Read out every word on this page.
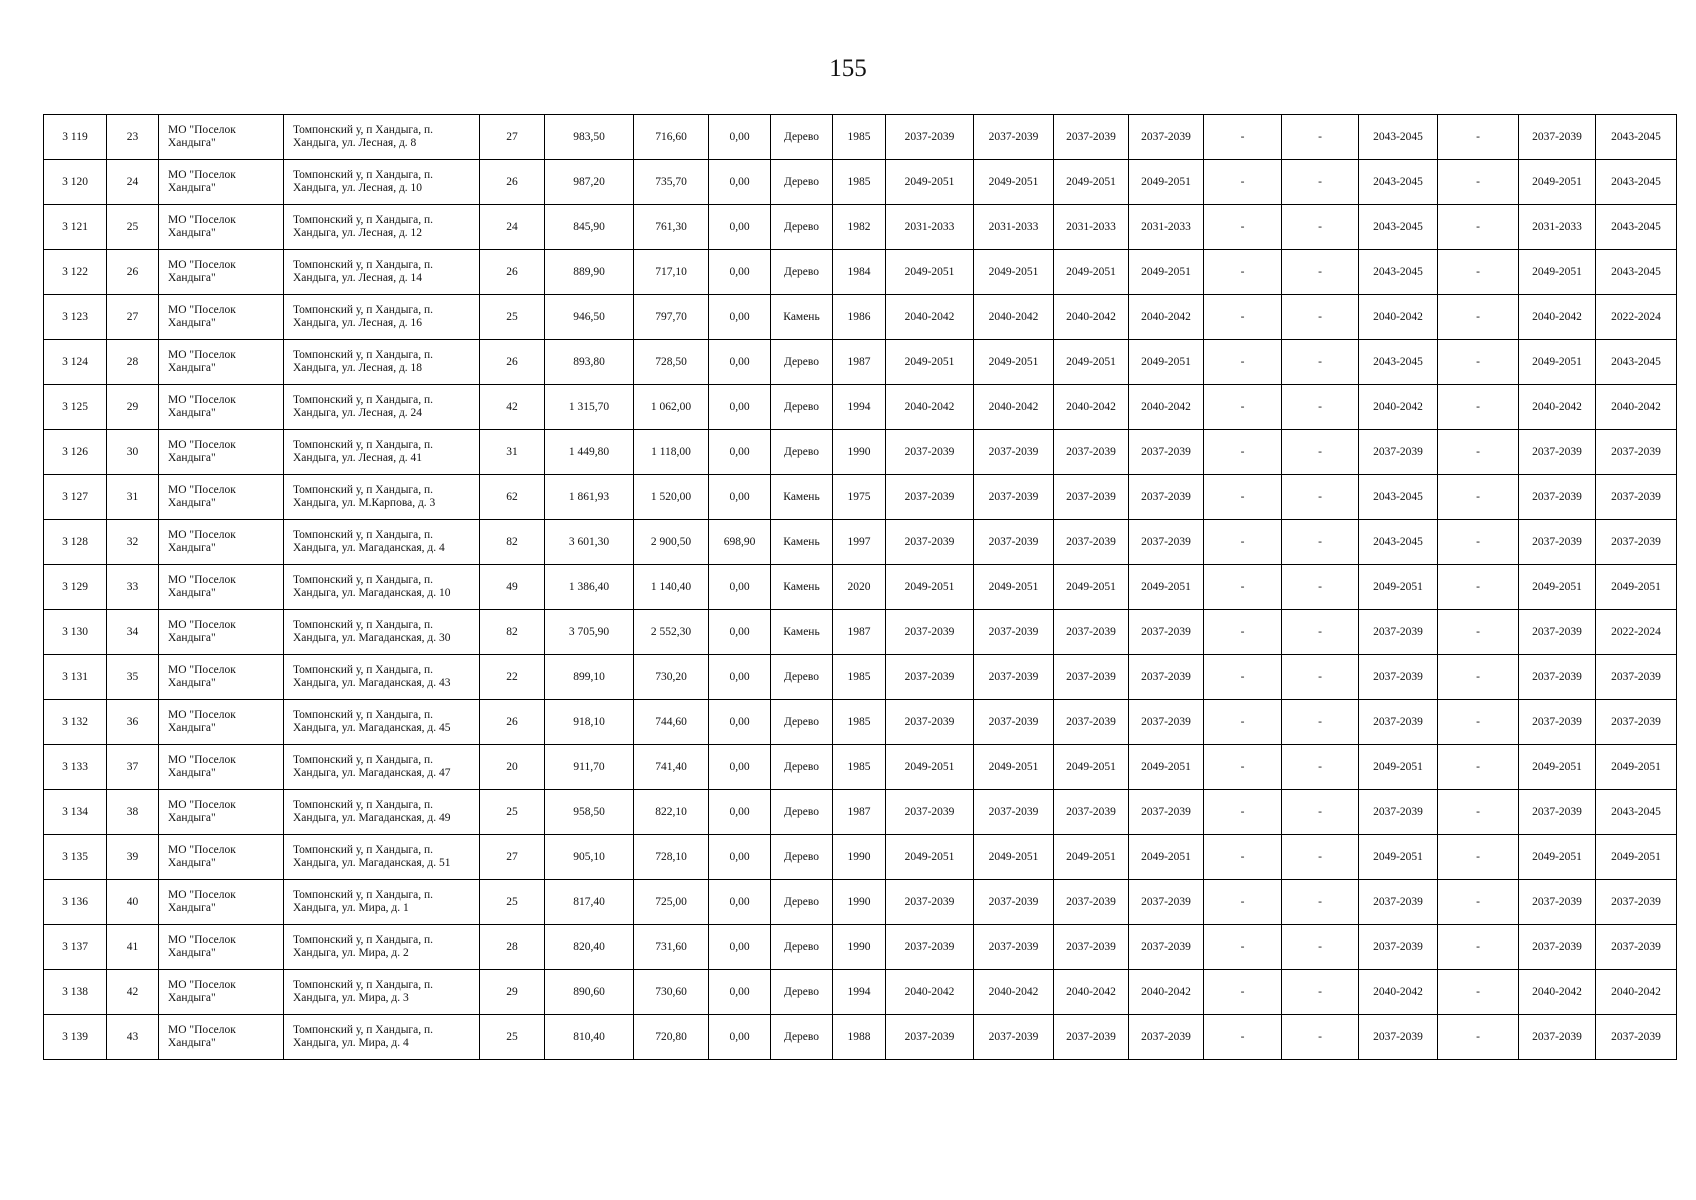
155
3 119	23	МО "Поселок Хандыга"	Томпонский у, п Хандыга, п. Хандыга, ул. Лесная, д. 8	27	983,50	716,60	0,00	Дерево	1985	2037-2039	2037-2039	2037-2039	2037-2039	-	-	2043-2045	-	2037-2039	2043-2045
3 120	24	МО "Поселок Хандыга"	Томпонский у, п Хандыга, п. Хандыга, ул. Лесная, д. 10	26	987,20	735,70	0,00	Дерево	1985	2049-2051	2049-2051	2049-2051	2049-2051	-	-	2043-2045	-	2049-2051	2043-2045
3 121	25	МО "Поселок Хандыга"	Томпонский у, п Хандыга, п. Хандыга, ул. Лесная, д. 12	24	845,90	761,30	0,00	Дерево	1982	2031-2033	2031-2033	2031-2033	2031-2033	-	-	2043-2045	-	2031-2033	2043-2045
3 122	26	МО "Поселок Хандыга"	Томпонский у, п Хандыга, п. Хандыга, ул. Лесная, д. 14	26	889,90	717,10	0,00	Дерево	1984	2049-2051	2049-2051	2049-2051	2049-2051	-	-	2043-2045	-	2049-2051	2043-2045
3 123	27	МО "Поселок Хандыга"	Томпонский у, п Хандыга, п. Хандыга, ул. Лесная, д. 16	25	946,50	797,70	0,00	Камень	1986	2040-2042	2040-2042	2040-2042	2040-2042	-	-	2040-2042	-	2040-2042	2022-2024
3 124	28	МО "Поселок Хандыга"	Томпонский у, п Хандыга, п. Хандыга, ул. Лесная, д. 18	26	893,80	728,50	0,00	Дерево	1987	2049-2051	2049-2051	2049-2051	2049-2051	-	-	2043-2045	-	2049-2051	2043-2045
3 125	29	МО "Поселок Хандыга"	Томпонский у, п Хандыга, п. Хандыга, ул. Лесная, д. 24	42	1 315,70	1 062,00	0,00	Дерево	1994	2040-2042	2040-2042	2040-2042	2040-2042	-	-	2040-2042	-	2040-2042	2040-2042
3 126	30	МО "Поселок Хандыга"	Томпонский у, п Хандыга, п. Хандыга, ул. Лесная, д. 41	31	1 449,80	1 118,00	0,00	Дерево	1990	2037-2039	2037-2039	2037-2039	2037-2039	-	-	2037-2039	-	2037-2039	2037-2039
3 127	31	МО "Поселок Хандыга"	Томпонский у, п Хандыга, п. Хандыга, ул. М.Карпова, д. 3	62	1 861,93	1 520,00	0,00	Камень	1975	2037-2039	2037-2039	2037-2039	2037-2039	-	-	2043-2045	-	2037-2039	2037-2039
3 128	32	МО "Поселок Хандыга"	Томпонский у, п Хандыга, п. Хандыга, ул. Магаданская, д. 4	82	3 601,30	2 900,50	698,90	Камень	1997	2037-2039	2037-2039	2037-2039	2037-2039	-	-	2043-2045	-	2037-2039	2037-2039
3 129	33	МО "Поселок Хандыга"	Томпонский у, п Хандыга, п. Хандыга, ул. Магаданская, д. 10	49	1 386,40	1 140,40	0,00	Камень	2020	2049-2051	2049-2051	2049-2051	2049-2051	-	-	2049-2051	-	2049-2051	2049-2051
3 130	34	МО "Поселок Хандыга"	Томпонский у, п Хандыга, п. Хандыга, ул. Магаданская, д. 30	82	3 705,90	2 552,30	0,00	Камень	1987	2037-2039	2037-2039	2037-2039	2037-2039	-	-	2037-2039	-	2037-2039	2022-2024
3 131	35	МО "Поселок Хандыга"	Томпонский у, п Хандыга, п. Хандыга, ул. Магаданская, д. 43	22	899,10	730,20	0,00	Дерево	1985	2037-2039	2037-2039	2037-2039	2037-2039	-	-	2037-2039	-	2037-2039	2037-2039
3 132	36	МО "Поселок Хандыга"	Томпонский у, п Хандыга, п. Хандыга, ул. Магаданская, д. 45	26	918,10	744,60	0,00	Дерево	1985	2037-2039	2037-2039	2037-2039	2037-2039	-	-	2037-2039	-	2037-2039	2037-2039
3 133	37	МО "Поселок Хандыга"	Томпонский у, п Хандыга, п. Хандыга, ул. Магаданская, д. 47	20	911,70	741,40	0,00	Дерево	1985	2049-2051	2049-2051	2049-2051	2049-2051	-	-	2049-2051	-	2049-2051	2049-2051
3 134	38	МО "Поселок Хандыга"	Томпонский у, п Хандыга, п. Хандыга, ул. Магаданская, д. 49	25	958,50	822,10	0,00	Дерево	1987	2037-2039	2037-2039	2037-2039	2037-2039	-	-	2037-2039	-	2037-2039	2043-2045
3 135	39	МО "Поселок Хандыга"	Томпонский у, п Хандыга, п. Хандыга, ул. Магаданская, д. 51	27	905,10	728,10	0,00	Дерево	1990	2049-2051	2049-2051	2049-2051	2049-2051	-	-	2049-2051	-	2049-2051	2049-2051
3 136	40	МО "Поселок Хандыга"	Томпонский у, п Хандыга, п. Хандыга, ул. Мира, д. 1	25	817,40	725,00	0,00	Дерево	1990	2037-2039	2037-2039	2037-2039	2037-2039	-	-	2037-2039	-	2037-2039	2037-2039
3 137	41	МО "Поселок Хандыга"	Томпонский у, п Хандыга, п. Хандыга, ул. Мира, д. 2	28	820,40	731,60	0,00	Дерево	1990	2037-2039	2037-2039	2037-2039	2037-2039	-	-	2037-2039	-	2037-2039	2037-2039
3 138	42	МО "Поселок Хандыга"	Томпонский у, п Хандыга, п. Хандыга, ул. Мира, д. 3	29	890,60	730,60	0,00	Дерево	1994	2040-2042	2040-2042	2040-2042	2040-2042	-	-	2040-2042	-	2040-2042	2040-2042
3 139	43	МО "Поселок Хандыга"	Томпонский у, п Хандыга, п. Хандыга, ул. Мира, д. 4	25	810,40	720,80	0,00	Дерево	1988	2037-2039	2037-2039	2037-2039	2037-2039	-	-	2037-2039	-	2037-2039	2037-2039
